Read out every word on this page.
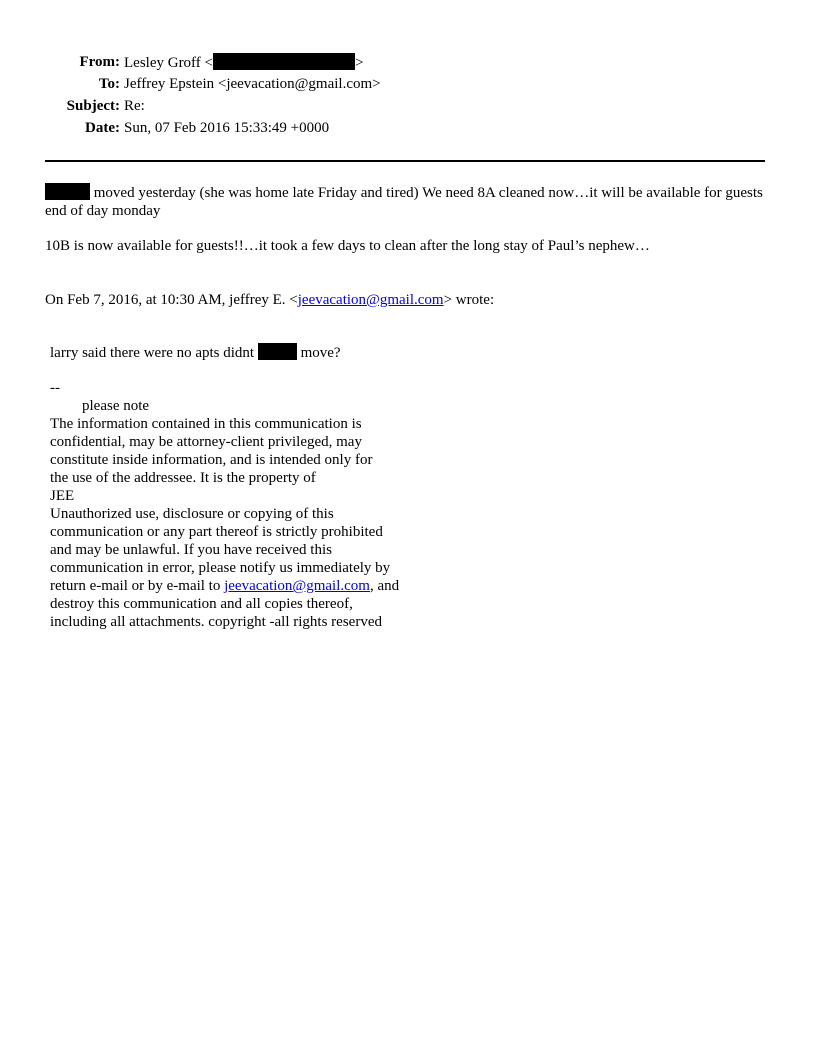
From: Lesley Groff <	>
To: Jeffrey Epstein <jeevacation@gmail.com>
Subject: Re:
Date: Sun, 07 Feb 2016 15:33:49 +0000
moved yesterday (she was home late Friday and tired) We need 8A cleaned now…it will be available for guests end of day monday
10B is now available for guests!!…it took a few days to clean after the long stay of Paul’s nephew…
On Feb 7, 2016, at 10:30 AM, jeffrey E. <jeevacation@gmail.com> wrote:
larry said there were no apts didnt	move?
--
please note
The information contained in this communication is
confidential, may be attorney-client privileged, may
constitute inside information, and is intended only for
the use of the addressee. It is the property of
JEE
Unauthorized use, disclosure or copying of this
communication or any part thereof is strictly prohibited
and may be unlawful. If you have received this
communication in error, please notify us immediately by
return e-mail or by e-mail to jeevacation@gmail.com, and
destroy this communication and all copies thereof,
including all attachments. copyright -all rights reserved
